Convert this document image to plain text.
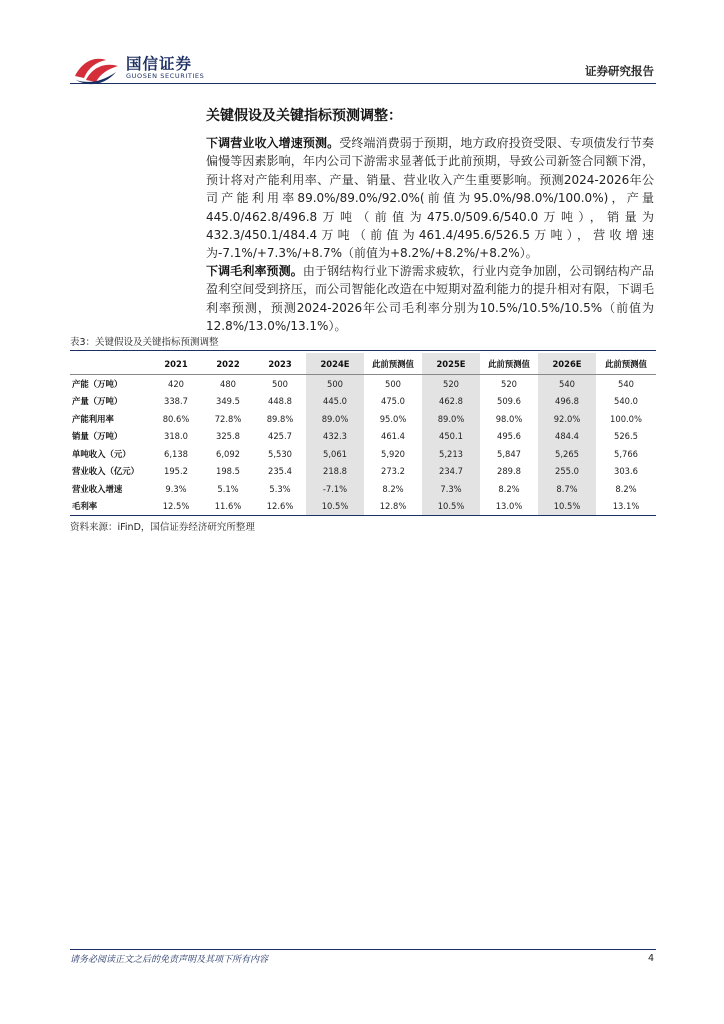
国信证券
GUOSEN SECURITIES	证券研究报告
关键假设及关键指标预测调整：
下调营业收入增速预测。受终端消费弱于预期，地方政府投资受限、专项债发行节奏偏慢等因素影响，年内公司下游需求显著低于此前预期，导致公司新签合同额下滑，预计将对产能利用率、产量、销量、营业收入产生重要影响。预测2024-2026年公司产能利用率89.0%/89.0%/92.0%(前值为95.0%/98.0%/100.0%)，产量445.0/462.8/496.8万吨（前值为475.0/509.6/540.0万吨），销量为432.3/450.1/484.4万吨（前值为461.4/495.6/526.5万吨），营收增速为-7.1%/+7.3%/+8.7%（前值为+8.2%/+8.2%/+8.2%）。
下调毛利率预测。由于钢结构行业下游需求疲软，行业内竞争加剧，公司钢结构产品盈利空间受到挤压，而公司智能化改造在中短期对盈利能力的提升相对有限，下调毛利率预测，预测2024-2026年公司毛利率分别为10.5%/10.5%/10.5%（前值为12.8%/13.0%/13.1%）。
表3：关键假设及关键指标预测调整
	2021	2022	2023	2024E	此前预测值	2025E	此前预测值	2026E	此前预测值
产能（万吨）	420	480	500	500	500	520	520	540	540
产量（万吨）	338.7	349.5	448.8	445.0	475.0	462.8	509.6	496.8	540.0
产能利用率	80.6%	72.8%	89.8%	89.0%	95.0%	89.0%	98.0%	92.0%	100.0%
销量（万吨）	318.0	325.8	425.7	432.3	461.4	450.1	495.6	484.4	526.5
单吨收入（元）	6,138	6,092	5,530	5,061	5,920	5,213	5,847	5,265	5,766
营业收入（亿元）	195.2	198.5	235.4	218.8	273.2	234.7	289.8	255.0	303.6
营业收入增速	9.3%	5.1%	5.3%	-7.1%	8.2%	7.3%	8.2%	8.7%	8.2%
毛利率	12.5%	11.6%	12.6%	10.5%	12.8%	10.5%	13.0%	10.5%	13.1%
资料来源：iFinD，国信证券经济研究所整理
请务必阅读正文之后的免责声明及其项下所有内容	4
